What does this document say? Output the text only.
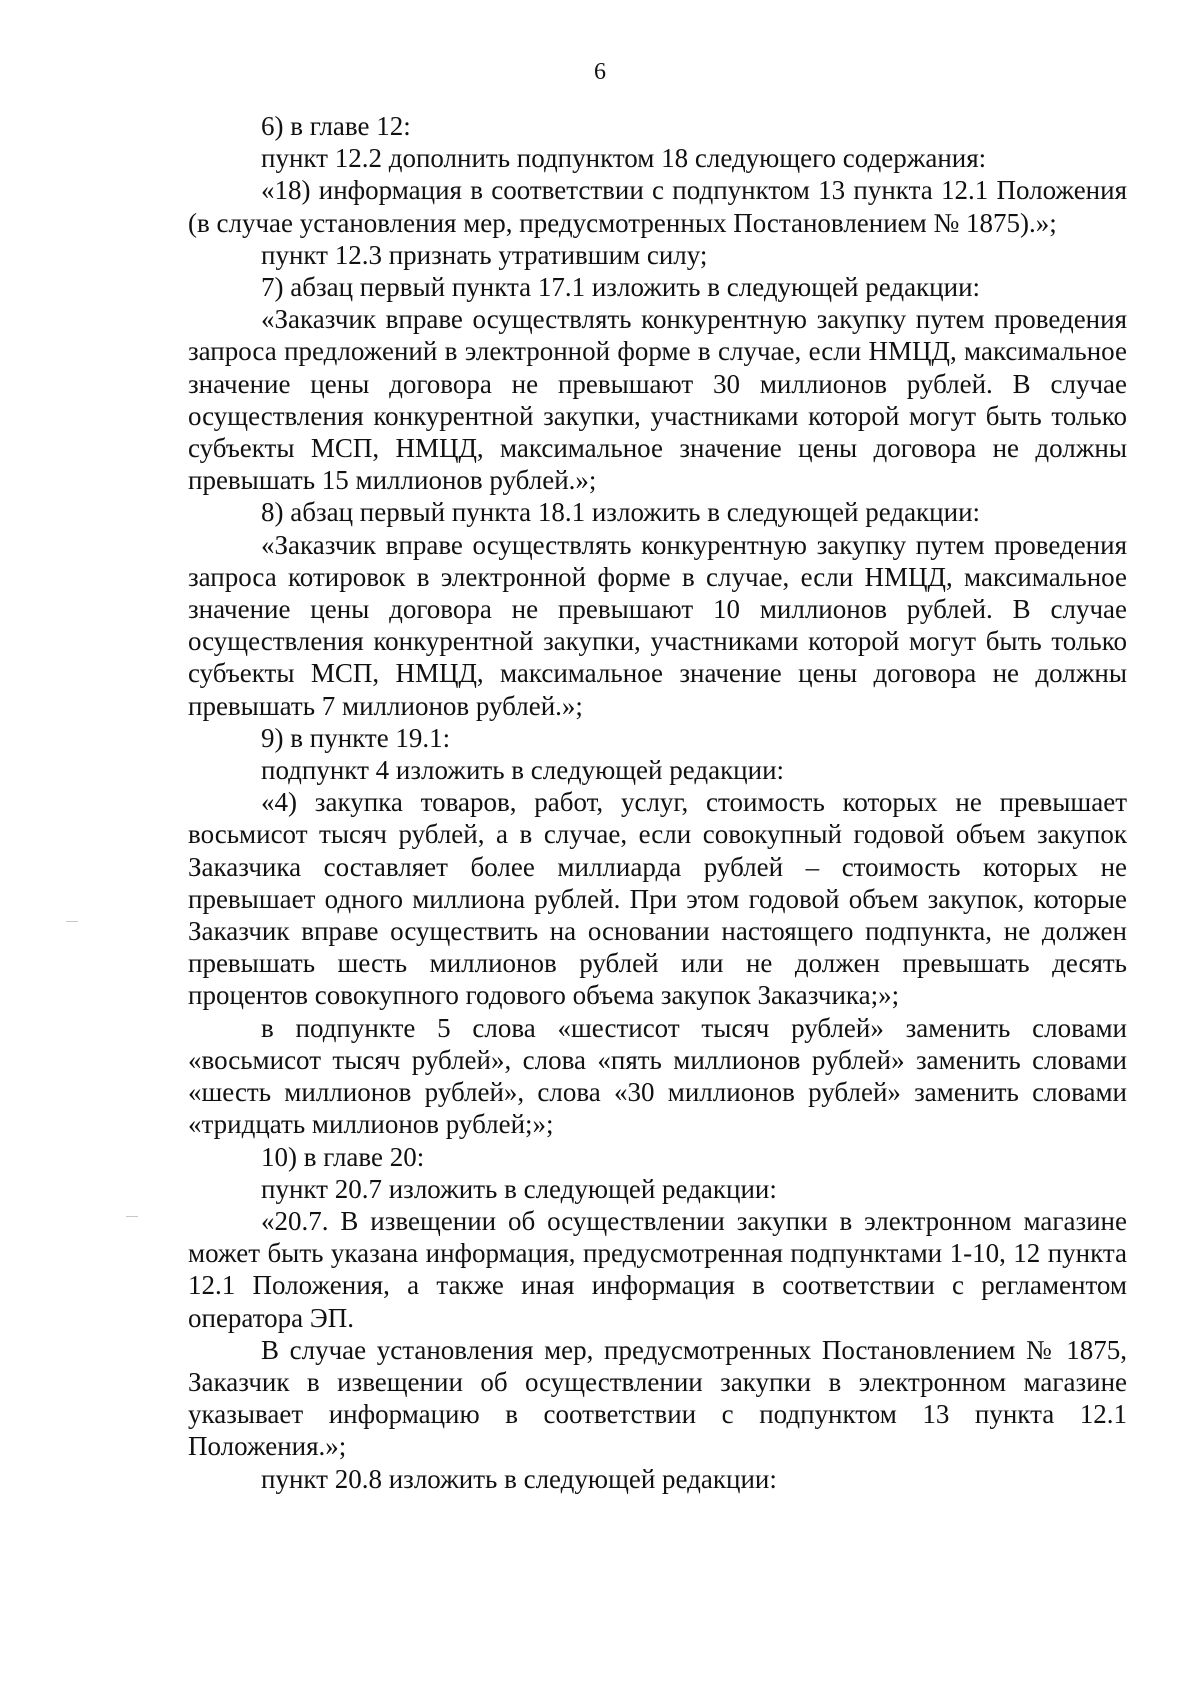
6

6) в главе 12:

пункт 12.2 дополнить подпунктом 18 следующего содержания:

«18) информация в соответствии с подпунктом 13 пункта 12.1 Положения (в случае установления мер, предусмотренных Постановлением № 1875).»;

пункт 12.3 признать утратившим силу;

7) абзац первый пункта 17.1 изложить в следующей редакции:

«Заказчик вправе осуществлять конкурентную закупку путем проведения запроса предложений в электронной форме в случае, если НМЦД, максимальное значение цены договора не превышают 30 миллионов рублей. В случае осуществления конкурентной закупки, участниками которой могут быть только субъекты МСП, НМЦД, максимальное значение цены договора не должны превышать 15 миллионов рублей.»;

8) абзац первый пункта 18.1 изложить в следующей редакции:

«Заказчик вправе осуществлять конкурентную закупку путем проведения запроса котировок в электронной форме в случае, если НМЦД, максимальное значение цены договора не превышают 10 миллионов рублей. В случае осуществления конкурентной закупки, участниками которой могут быть только субъекты МСП, НМЦД, максимальное значение цены договора не должны превышать 7 миллионов рублей.»;

9) в пункте 19.1:

подпункт 4 изложить в следующей редакции:

«4) закупка товаров, работ, услуг, стоимость которых не превышает восьмисот тысяч рублей, а в случае, если совокупный годовой объем закупок Заказчика составляет более миллиарда рублей – стоимость которых не превышает одного миллиона рублей. При этом годовой объем закупок, которые Заказчик вправе осуществить на основании настоящего подпункта, не должен превышать шесть миллионов рублей или не должен превышать десять процентов совокупного годового объема закупок Заказчика;»;

в подпункте 5 слова «шестисот тысяч рублей» заменить словами «восьмисот тысяч рублей», слова «пять миллионов рублей» заменить словами «шесть миллионов рублей», слова «30 миллионов рублей» заменить словами «тридцать миллионов рублей;»;

10) в главе 20:

пункт 20.7 изложить в следующей редакции:

«20.7. В извещении об осуществлении закупки в электронном магазине может быть указана информация, предусмотренная подпунктами 1-10, 12 пункта 12.1 Положения, а также иная информация в соответствии с регламентом оператора ЭП.

В случае установления мер, предусмотренных Постановлением № 1875, Заказчик в извещении об осуществлении закупки в электронном магазине указывает информацию в соответствии с подпунктом 13 пункта 12.1 Положения.»;

пункт 20.8 изложить в следующей редакции:
